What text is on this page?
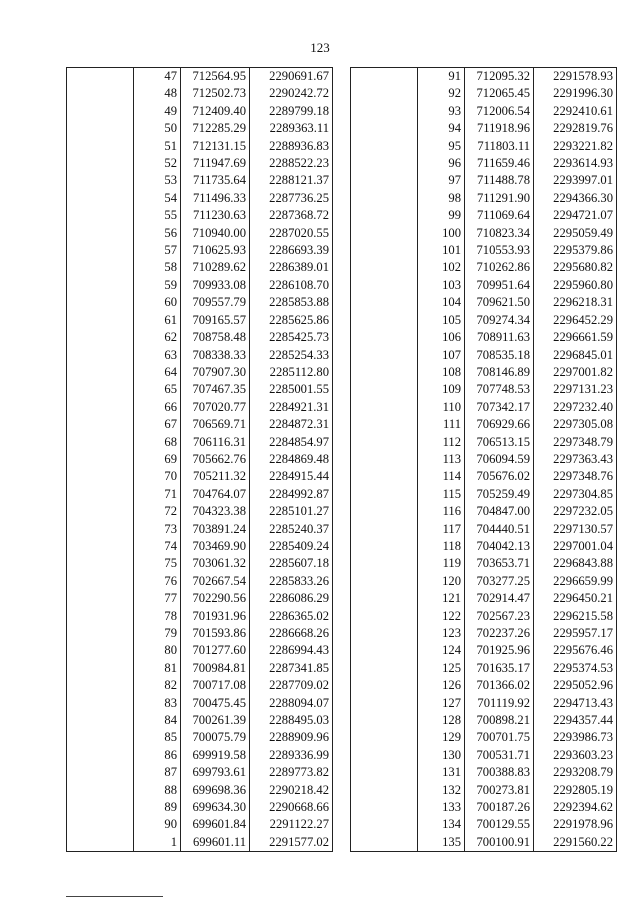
123
	47	712564.95	2290691.67
	48	712502.73	2290242.72
	49	712409.40	2289799.18
	50	712285.29	2289363.11
	51	712131.15	2288936.83
	52	711947.69	2288522.23
	53	711735.64	2288121.37
	54	711496.33	2287736.25
	55	711230.63	2287368.72
	56	710940.00	2287020.55
	57	710625.93	2286693.39
	58	710289.62	2286389.01
	59	709933.08	2286108.70
	60	709557.79	2285853.88
	61	709165.57	2285625.86
	62	708758.48	2285425.73
	63	708338.33	2285254.33
	64	707907.30	2285112.80
	65	707467.35	2285001.55
	66	707020.77	2284921.31
	67	706569.71	2284872.31
	68	706116.31	2284854.97
	69	705662.76	2284869.48
	70	705211.32	2284915.44
	71	704764.07	2284992.87
	72	704323.38	2285101.27
	73	703891.24	2285240.37
	74	703469.90	2285409.24
	75	703061.32	2285607.18
	76	702667.54	2285833.26
	77	702290.56	2286086.29
	78	701931.96	2286365.02
	79	701593.86	2286668.26
	80	701277.60	2286994.43
	81	700984.81	2287341.85
	82	700717.08	2287709.02
	83	700475.45	2288094.07
	84	700261.39	2288495.03
	85	700075.79	2288909.96
	86	699919.58	2289336.99
	87	699793.61	2289773.82
	88	699698.36	2290218.42
	89	699634.30	2290668.66
	90	699601.84	2291122.27
	1	699601.11	2291577.02
	91	712095.32	2291578.93
	92	712065.45	2291996.30
	93	712006.54	2292410.61
	94	711918.96	2292819.76
	95	711803.11	2293221.82
	96	711659.46	2293614.93
	97	711488.78	2293997.01
	98	711291.90	2294366.30
	99	711069.64	2294721.07
	100	710823.34	2295059.49
	101	710553.93	2295379.86
	102	710262.86	2295680.82
	103	709951.64	2295960.80
	104	709621.50	2296218.31
	105	709274.34	2296452.29
	106	708911.63	2296661.59
	107	708535.18	2296845.01
	108	708146.89	2297001.82
	109	707748.53	2297131.23
	110	707342.17	2297232.40
	111	706929.66	2297305.08
	112	706513.15	2297348.79
	113	706094.59	2297363.43
	114	705676.02	2297348.76
	115	705259.49	2297304.85
	116	704847.00	2297232.05
	117	704440.51	2297130.57
	118	704042.13	2297001.04
	119	703653.71	2296843.88
	120	703277.25	2296659.99
	121	702914.47	2296450.21
	122	702567.23	2296215.58
	123	702237.26	2295957.17
	124	701925.96	2295676.46
	125	701635.17	2295374.53
	126	701366.02	2295052.96
	127	701119.92	2294713.43
	128	700898.21	2294357.44
	129	700701.75	2293986.73
	130	700531.71	2293603.23
	131	700388.83	2293208.79
	132	700273.81	2292805.19
	133	700187.26	2292394.62
	134	700129.55	2291978.96
	135	700100.91	2291560.22
